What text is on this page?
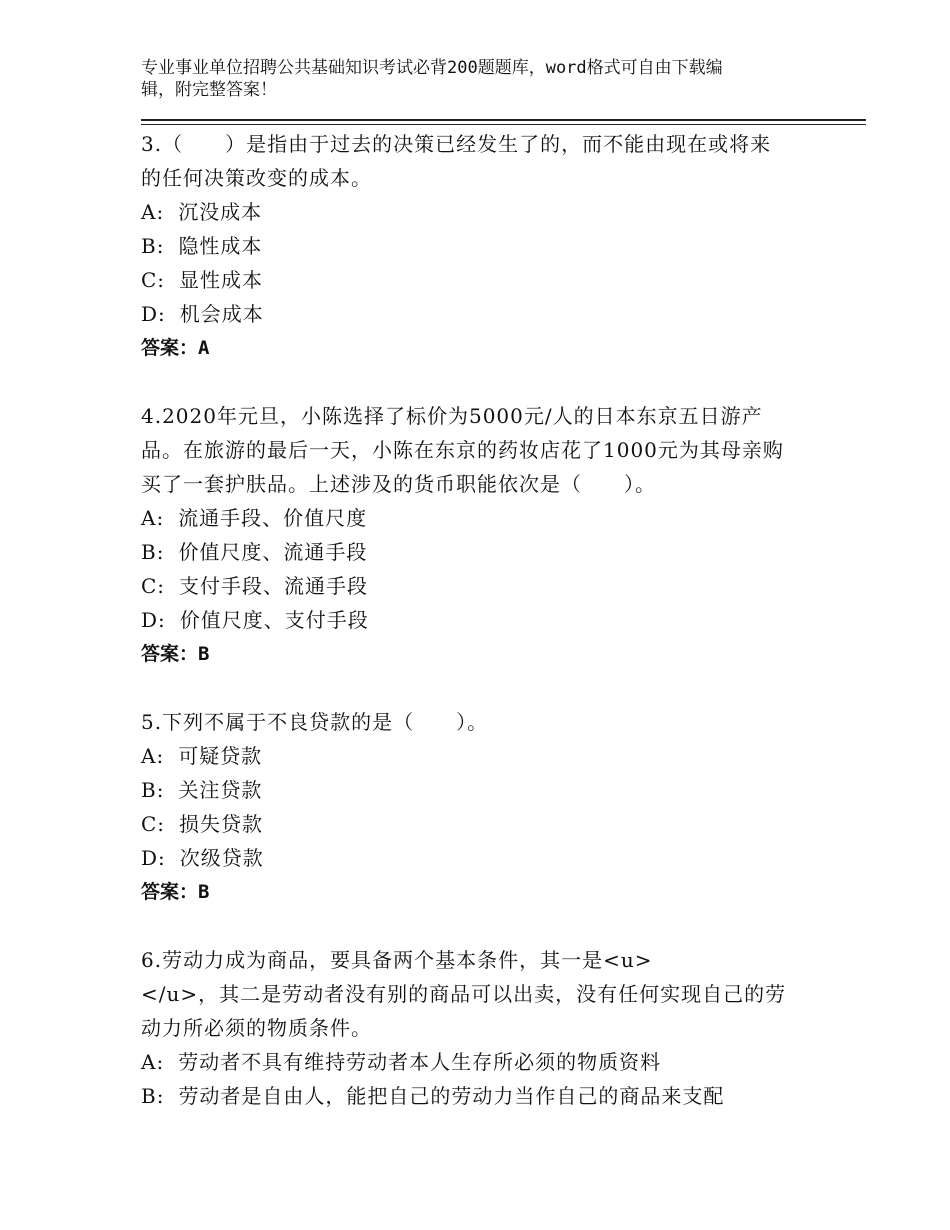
专业事业单位招聘公共基础知识考试必背200题题库，word格式可自由下载编
辑，附完整答案！

3.（　　）是指由于过去的决策已经发生了的，而不能由现在或将来

的任何决策改变的成本。

A: 沉没成本

B: 隐性成本

C: 显性成本

D: 机会成本

答案：A

4.2020年元旦，小陈选择了标价为5000元/人的日本东京五日游产

品。在旅游的最后一天，小陈在东京的药妆店花了1000元为其母亲购

买了一套护肤品。上述涉及的货币职能依次是（　　）。

A: 流通手段、价值尺度

B: 价值尺度、流通手段

C: 支付手段、流通手段

D: 价值尺度、支付手段

答案：B

5.下列不属于不良贷款的是（　　）。

A: 可疑贷款

B: 关注贷款

C: 损失贷款

D: 次级贷款

答案：B

6.劳动力成为商品，要具备两个基本条件，其一是<u>

</u>，其二是劳动者没有别的商品可以出卖，没有任何实现自己的劳

动力所必须的物质条件。

A: 劳动者不具有维持劳动者本人生存所必须的物质资料

B: 劳动者是自由人，能把自己的劳动力当作自己的商品来支配
